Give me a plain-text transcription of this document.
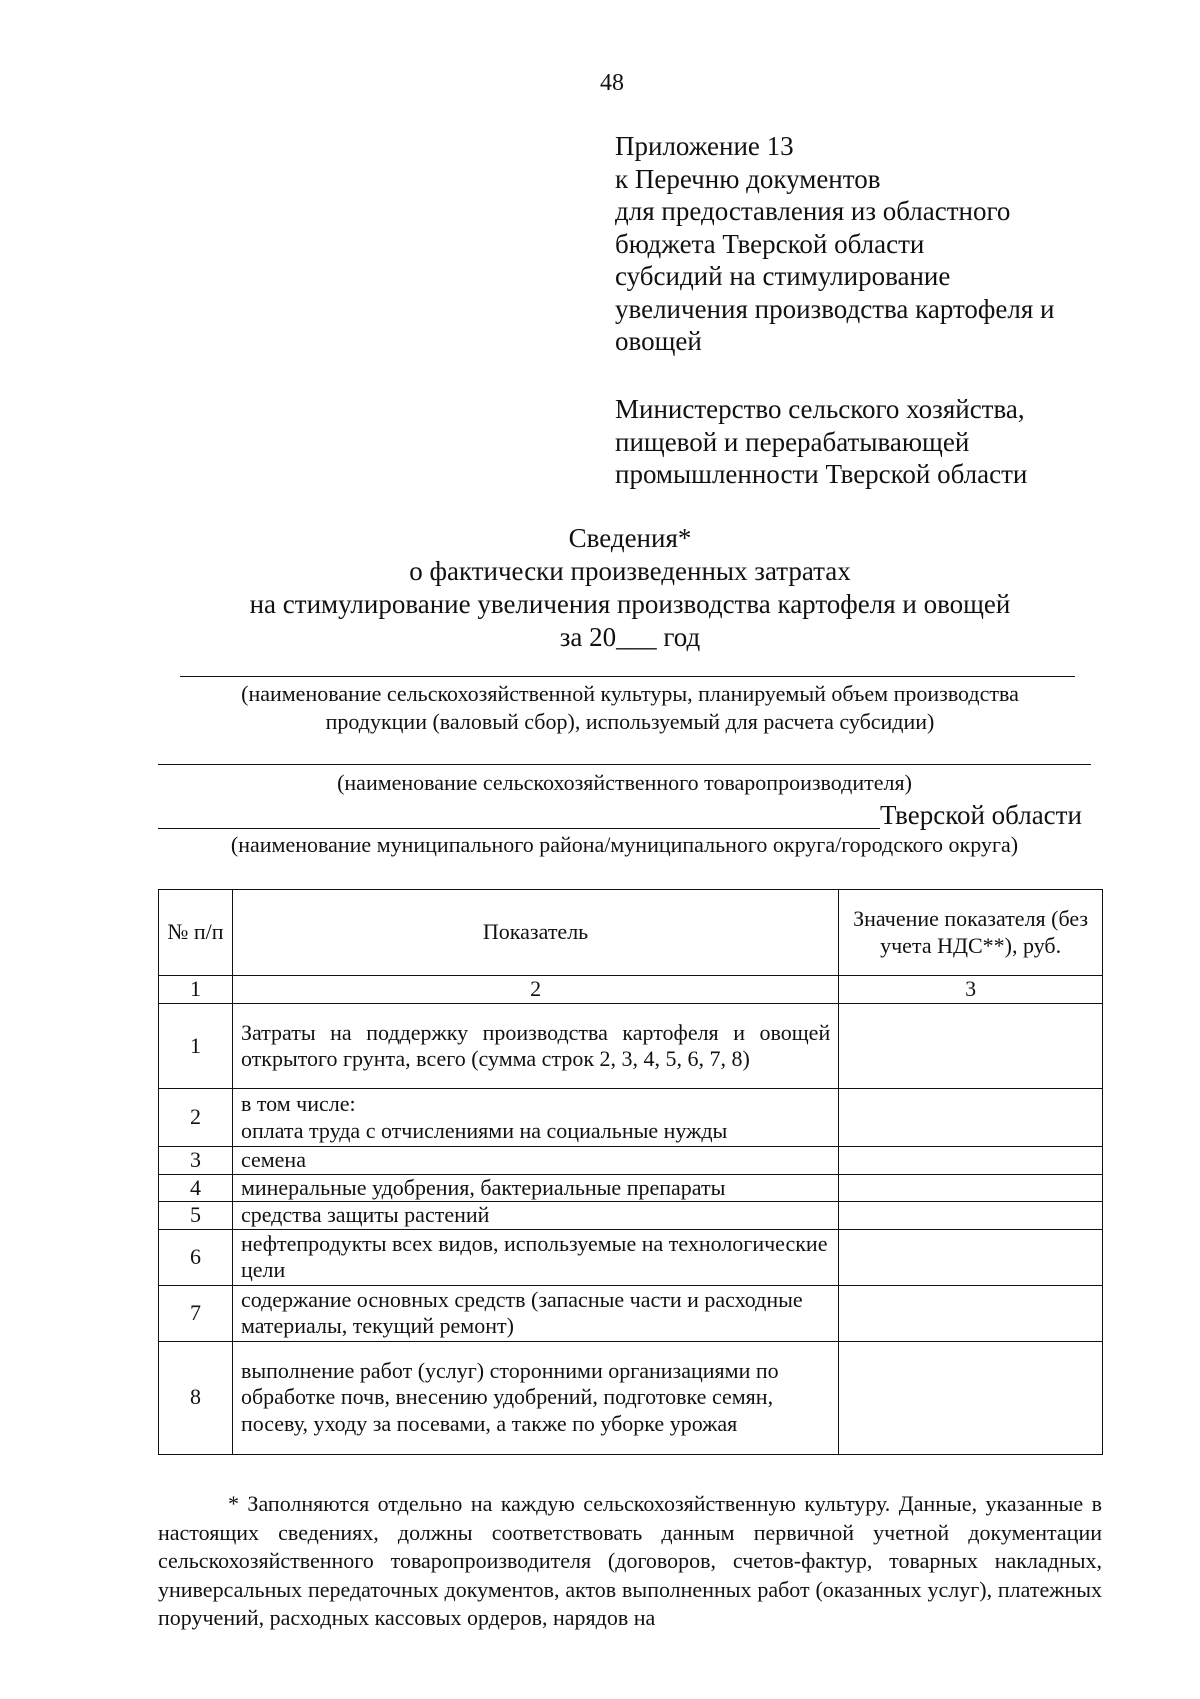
48
Приложение 13
к Перечню документов
для предоставления из областного
бюджета Тверской области
субсидий на стимулирование
увеличения производства картофеля и
овощей
Министерство сельского хозяйства,
пищевой и перерабатывающей
промышленности Тверской области
Сведения*
о фактически произведенных затратах
на стимулирование увеличения производства картофеля и овощей
за 20___ год
(наименование сельскохозяйственной культуры, планируемый объем производства продукции (валовый сбор), используемый для расчета субсидии)
(наименование сельскохозяйственного товаропроизводителя)
Тверской области
(наименование муниципального района/муниципального округа/городского округа)
№ п/п	Показатель	Значение показателя (без учета НДС**), руб.
1	2	3
1	Затраты на поддержку производства картофеля и овощей открытого грунта, всего (сумма строк 2, 3, 4, 5, 6, 7, 8)	
2	в том числе:
оплата труда с отчислениями на социальные нужды	

3	семена	
4	минеральные удобрения, бактериальные препараты	
5	средства защиты растений	
6	нефтепродукты всех видов, используемые на технологические цели	
7	содержание основных средств (запасные части и расходные материалы, текущий ремонт)	
8	выполнение работ (услуг) сторонними организациями по обработке почв, внесению удобрений, подготовке семян, посеву, уходу за посевами, а также по уборке урожая	
* Заполняются отдельно на каждую сельскохозяйственную культуру. Данные, указанные в настоящих сведениях, должны соответствовать данным первичной учетной документации сельскохозяйственного товаропроизводителя (договоров, счетов-фактур, товарных накладных, универсальных передаточных документов, актов выполненных работ (оказанных услуг), платежных поручений, расходных кассовых ордеров, нарядов на
